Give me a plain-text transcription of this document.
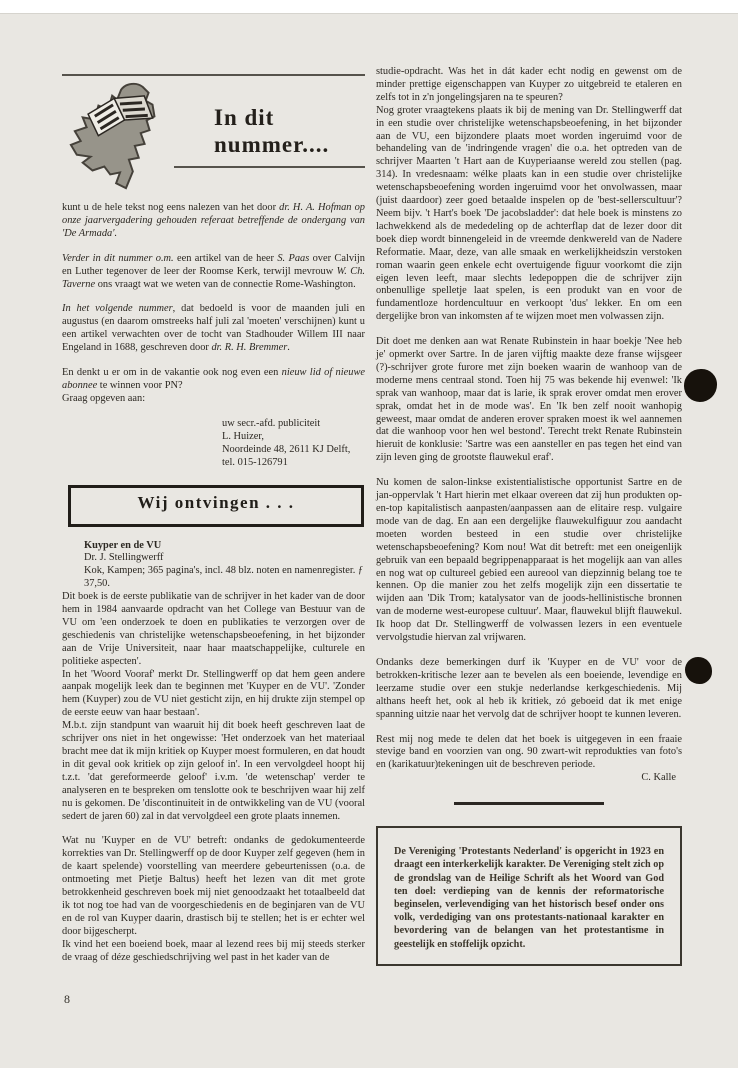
In dit
nummer....

kunt u de hele tekst nog eens nalezen van het door dr. H. A. Hofman op onze jaarvergadering gehouden referaat betreffende de ondergang van 'De Armada'.

Verder in dit nummer o.m. een artikel van de heer S. Paas over Calvijn en Luther tegenover de leer der Roomse Kerk, terwijl mevrouw W. Ch. Taverne ons vraagt wat we weten van de connectie Rome-Washington.

In het volgende nummer, dat bedoeld is voor de maanden juli en augustus (en daarom omstreeks half juli zal 'moeten' verschijnen) kunt u een artikel verwachten over de tocht van Stadhouder Willem III naar Engeland in 1688, geschreven door dr. R. H. Bremmer.

En denkt u er om in de vakantie ook nog even een nieuw lid of nieuwe abonnee te winnen voor PN?

Graag opgeven aan:

uw secr.-afd. publiciteit
L. Huizer,
Noordeinde 48, 2611 KJ Delft,
tel. 015-126791
Wij ontvingen . . .
Kuyper en de VU
Dr. J. Stellingwerff
Kok, Kampen; 365 pagina's, incl. 48 blz. noten en namenregister. ƒ 37,50.

Dit boek is de eerste publikatie van de schrijver in het kader van de door hem in 1984 aanvaarde opdracht van het College van Bestuur van de VU om 'een onderzoek te doen en publikaties te verzorgen over de geschiedenis van christelijke wetenschapsbeoefening, in het bijzonder aan de Vrije Universiteit, naar haar maatschappelijke, culturele en politieke aspecten'.

In het 'Woord Vooraf' merkt Dr. Stellingwerff op dat hem geen andere aanpak mogelijk leek dan te beginnen met 'Kuyper en de VU'. 'Zonder hem (Kuyper) zou de VU niet gesticht zijn, en hij drukte zijn stempel op de eerste eeuw van haar bestaan'.

M.b.t. zijn standpunt van waaruit hij dit boek heeft geschreven laat de schrijver ons niet in het ongewisse: 'Het onderzoek van het materiaal bracht mee dat ik mijn kritiek op Kuyper moest formuleren, en dat houdt in dit geval ook kritiek op zijn geloof in'. In een vervolgdeel hoopt hij t.z.t. 'dat gereformeerde geloof' i.v.m. 'de wetenschap' verder te analyseren en te bespreken om tenslotte ook te beschrijven waar hij zelf nu is gekomen. De 'discontinuiteit in de ontwikkeling van de VU (vooral sedert de jaren 60) zal in dat vervolgdeel een grote plaats innemen.

Wat nu 'Kuyper en de VU' betreft: ondanks de gedokumenteerde korrekties van Dr. Stellingwerff op de door Kuyper zelf gegeven (hem in de kaart spelende) voorstelling van meerdere gebeurtenissen (o.a. de ontmoeting met Pietje Baltus) heeft het lezen van dit met grote betrokkenheid geschreven boek mij niet genoodzaakt het totaalbeeld dat ik tot nog toe had van de voorgeschiedenis en de beginjaren van de VU en de rol van Kuyper daarin, drastisch bij te stellen; het is er echter wel door bijgescherpt.

Ik vind het een boeiend boek, maar al lezend rees bij mij steeds sterker de vraag of déze geschiedschrijving wel past in het kader van de

studie-opdracht. Was het in dát kader echt nodig en gewenst om de minder prettige eigenschappen van Kuyper zo uitgebreid te etaleren en zelfs tot in z'n jongelingsjaren na te speuren?

Nog groter vraagtekens plaats ik bij de mening van Dr. Stellingwerff dat in een studie over christelijke wetenschapsbeoefening, in het bijzonder aan de VU, een bijzondere plaats moet worden ingeruimd voor de behandeling van de 'indringende vragen' die o.a. het optreden van de schrijver Maarten 't Hart aan de Kuyperiaanse wereld zou stellen (pag. 314). In vredesnaam: wélke plaats kan in een studie over christelijke wetenschapsbeoefening worden ingeruimd voor het onvolwassen, maar (juist daardoor) zeer goed betaalde inspelen op de 'best-sellerscultuur'? Neem bijv. 't Hart's boek 'De jacobsladder': dat hele boek is minstens zo lachwekkend als de mededeling op de achterflap dat de lezer door dit boek diep wordt binnengeleid in de vreemde denkwereld van de Nadere Reformatie. Maar, deze, van alle smaak en werkelijkheidszin verstoken roman waarin geen enkele echt overtuigende figuur voorkomt die zijn eigen leven leeft, maar slechts ledepoppen die de schrijver zijn onbenullige spelletje laat spelen, is een produkt van en voor de fundamentloze hordencultuur en verkoopt 'dus' lekker. En om een dergelijke bron van inkomsten af te wijzen moet men volwassen zijn.

Dit doet me denken aan wat Renate Rubinstein in haar boekje 'Nee heb je' opmerkt over Sartre. In de jaren vijftig maakte deze franse wijsgeer (?)-schrijver grote furore met zijn boeken waarin de wanhoop van de moderne mens centraal stond. Toen hij 75 was bekende hij evenwel: 'Ik sprak van wanhoop, maar dat is larie, ik sprak erover omdat men erover sprak, omdat het in de mode was'. En 'Ik ben zelf nooit wanhopig geweest, maar omdat de anderen erover spraken moest ik wel aannemen dat die wanhoop voor hen wel bestond'. Terecht trekt Renate Rubinstein hieruit de konklusie: 'Sartre was een aansteller en pas tegen het eind van zijn leven ging de grootste flauwekul eraf'.

Nu komen de salon-linkse existentialistische opportunist Sartre en de jan-oppervlak 't Hart hierin met elkaar overeen dat zij hun produkten op-en-top kapitalistisch aanpasten/aanpassen aan de elitaire resp. vulgaire mode van de dag. En aan een dergelijke flauwekulfiguur zou aandacht moeten worden besteed in een studie over christelijke wetenschapsbeoefening? Kom nou! Wat dit betreft: met een oneigenlijk gebruik van een bepaald begrippenapparaat is het mogelijk aan van alles en nog wat op cultureel gebied een aureool van diepzinnig belang toe te kennen. Op die manier zou het zelfs mogelijk zijn een dissertatie te wijden aan 'Dik Trom; katalysator van de joods-hellinistische bronnen van de moderne west-europese cultuur'. Maar, flauwekul blijft flauwekul. Ik hoop dat Dr. Stellingwerff de volwassen lezers in een eventuele vervolgstudie hiervan zal vrijwaren.

Ondanks deze bemerkingen durf ik 'Kuyper en de VU' voor de betrokken-kritische lezer aan te bevelen als een boeiende, levendige en leerzame studie over een stukje nederlandse kerkgeschiedenis. Mij althans heeft het, ook al heb ik kritiek, zó geboeid dat ik met enige spanning uitzie naar het vervolg dat de schrijver hoopt te kunnen leveren.

Rest mij nog mede te delen dat het boek is uitgegeven in een fraaie stevige band en voorzien van ong. 90 zwart-wit reprodukties van foto's en (karikatuur)tekeningen uit de beschreven periode.

C. Kalle

De Vereniging 'Protestants Nederland' is opgericht in 1923 en draagt een interkerkelijk karakter. De Vereniging stelt zich op de grondslag van de Heilige Schrift als het Woord van God ten doel: verdieping van de kennis der reformatorische beginselen, verlevendiging van het historisch besef onder ons volk, verdediging van ons protestants-nationaal karakter en bevordering van de belangen van het protestantisme in geestelijk en stoffelijk opzicht.
8
